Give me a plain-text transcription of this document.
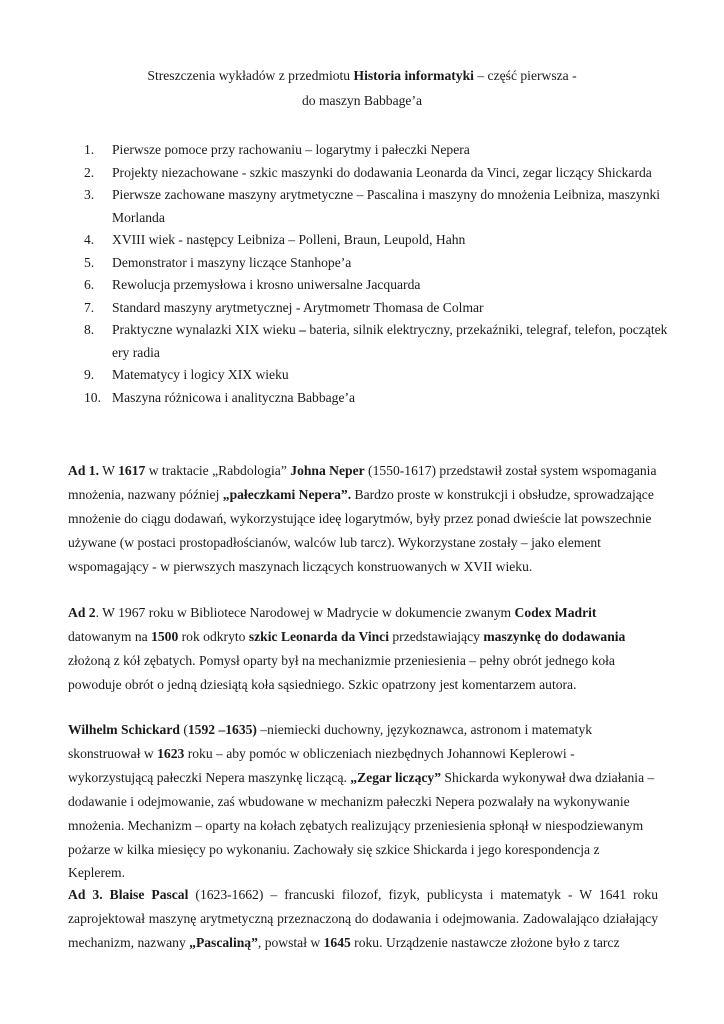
Streszczenia wykładów z przedmiotu Historia informatyki – część pierwsza -
do maszyn Babbage’a
1. Pierwsze pomoce przy rachowaniu – logarytmy i pałeczki Nepera
2. Projekty niezachowane - szkic maszynki do dodawania Leonarda da Vinci, zegar liczący Shickarda
3. Pierwsze zachowane maszyny arytmetyczne – Pascalina i maszyny do mnożenia Leibniza, maszynki Morlanda
4. XVIII wiek - następcy Leibniza – Polleni, Braun, Leupold, Hahn
5. Demonstrator i maszyny liczące Stanhope’a
6. Rewolucja przemysłowa i krosno uniwersalne Jacquarda
7. Standard maszyny arytmetycznej - Arytmometr Thomasa de Colmar
8. Praktyczne wynalazki XIX wieku – bateria, silnik elektryczny, przekaźniki, telegraf, telefon, początek ery radia
9. Matematycy i logicy XIX wieku
10. Maszyna różnicowa i analityczna Babbage’a
Ad 1. W 1617 w traktacie „Rabdologia” Johna Neper (1550-1617) przedstawił został system wspomagania mnożenia, nazwany później „pałeczkami Nepera”. Bardzo proste w konstrukcji i obsłudze, sprowadzające mnożenie do ciągu dodawań, wykorzystujące ideę logarytmów, były przez ponad dwieście lat powszechnie używane (w postaci prostopadłościanów, walców lub tarcz). Wykorzystane zostały – jako element wspomagający - w pierwszych maszynach liczących konstruowanych w XVII wieku.
Ad 2. W 1967 roku w Bibliotece Narodowej w Madrycie w dokumencie zwanym Codex Madrit datowanym na 1500 rok odkryto szkic Leonarda da Vinci przedstawiający maszynkę do dodawania złożoną z kół zębatych. Pomysł oparty był na mechanizmie przeniesienia – pełny obrót jednego koła powoduje obrót o jedną dziesiątą koła sąsiedniego. Szkic opatrzony jest komentarzem autora.
Wilhelm Schickard (1592 –1635) –niemiecki duchowny, językoznawca, astronom i matematyk skonstruował w 1623 roku – aby pomóc w obliczeniach niezbędnych Johannowi Keplerowi -wykorzystującą pałeczki Nepera maszynkę liczącą. „Zegar liczący” Shickarda wykonywał dwa działania – dodawanie i odejmowanie, zaś wbudowane w mechanizm pałeczki Nepera pozwalały na wykonywanie mnożenia. Mechanizm – oparty na kołach zębatych realizujący przeniesienia spłonął w niespodziewanym pożarze w kilka miesięcy po wykonaniu. Zachowały się szkice Shickarda i jego korespondencja z Keplerem.
Ad 3. Blaise Pascal (1623-1662) – francuski filozof, fizyk, publicysta i matematyk - W 1641 roku zaprojektował maszynę arytmetyczną przeznaczoną do dodawania i odejmowania. Zadowalająco działający mechanizm, nazwany „Pascaliną”, powstał w 1645 roku. Urządzenie nastawcze złożone było z tarcz
